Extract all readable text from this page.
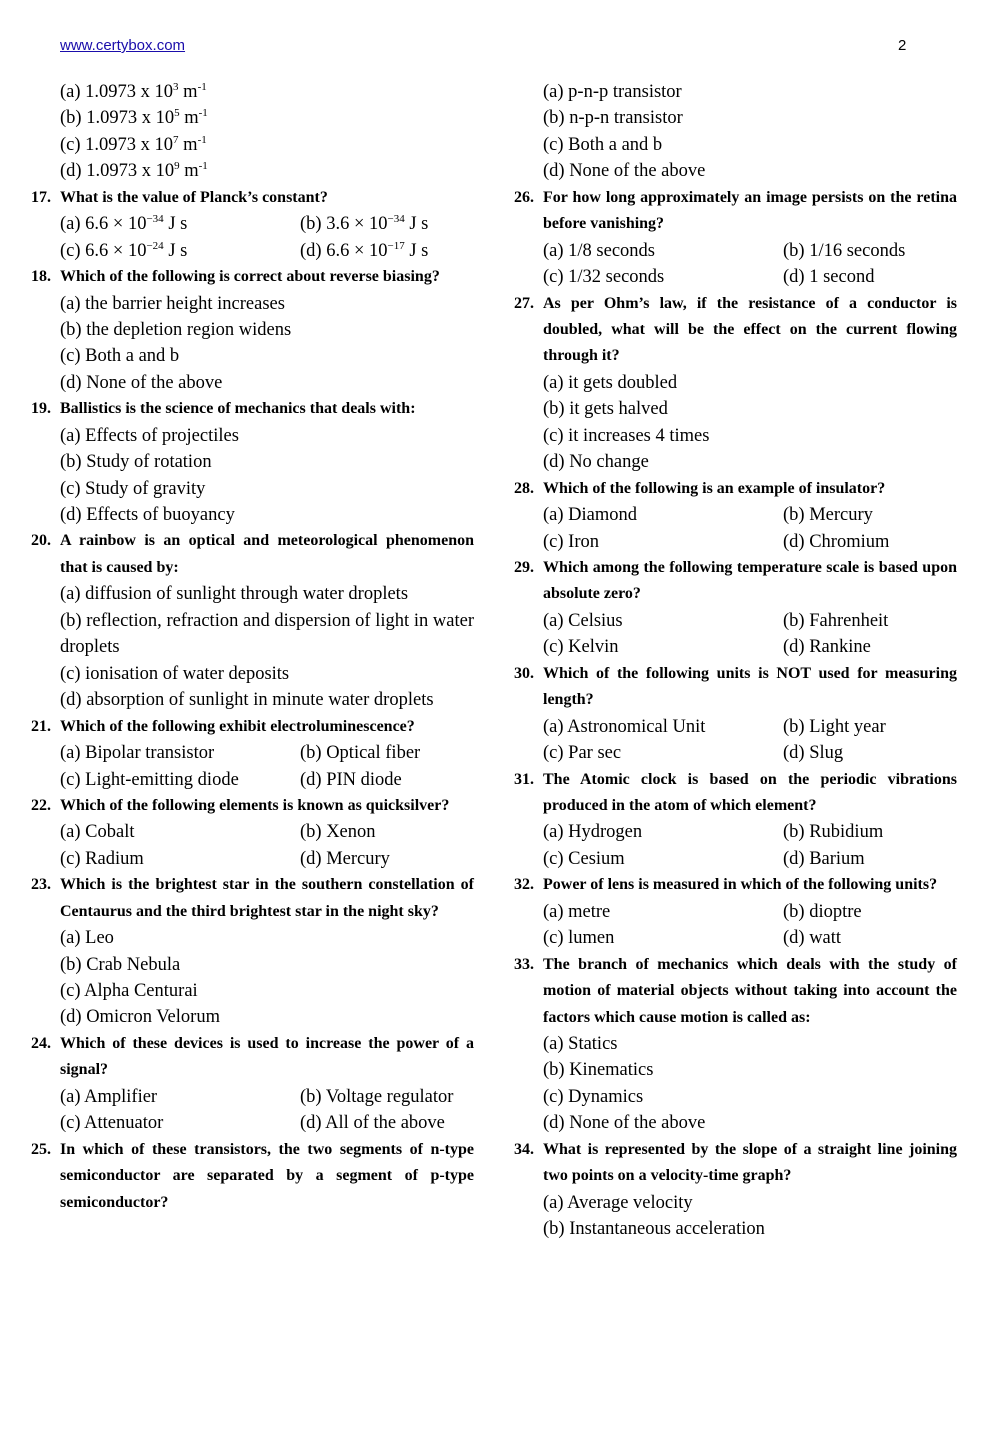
www.certybox.com	2
(a) 1.0973 x $10^3$ $m^{-1}$
(b) 1.0973 x $10^5$ $m^{-1}$
(c) 1.0973 x $10^7$ $m^{-1}$
(d) 1.0973 x $10^9$ $m^{-1}$
17. What is the value of Planck’s constant?
(a) $6.6 \times 10^{-34}$ J s	(b) $3.6 \times 10^{-34}$ J s
(c) $6.6 \times 10^{-24}$ J s	(d) $6.6 \times 10^{-17}$ J s
18. Which of the following is correct about reverse biasing?
(a) the barrier height increases
(b) the depletion region widens
(c) Both a and b
(d) None of the above
19. Ballistics is the science of mechanics that deals with:
(a) Effects of projectiles
(b) Study of rotation
(c) Study of gravity
(d) Effects of buoyancy
20. A rainbow is an optical and meteorological phenomenon that is caused by:
(a) diffusion of sunlight through water droplets
(b) reflection, refraction and dispersion of light in water droplets
(c) ionisation of water deposits
(d) absorption of sunlight in minute water droplets
21. Which of the following exhibit electroluminescence?
(a) Bipolar transistor	(b) Optical fiber
(c) Light-emitting diode	(d) PIN diode
22. Which of the following elements is known as quicksilver?
(a) Cobalt	(b) Xenon
(c) Radium	(d) Mercury
23. Which is the brightest star in the southern constellation of Centaurus and the third brightest star in the night sky?
(a) Leo
(b) Crab Nebula
(c) Alpha Centurai
(d) Omicron Velorum
24. Which of these devices is used to increase the power of a signal?
(a) Amplifier	(b) Voltage regulator
(c) Attenuator	(d) All of the above
25. In which of these transistors, the two segments of n-type semiconductor are separated by a segment of p-type semiconductor?
(a) p-n-p transistor
(b) n-p-n transistor
(c) Both a and b
(d) None of the above
26. For how long approximately an image persists on the retina before vanishing?
(a) 1/8 seconds	(b) 1/16 seconds
(c) 1/32 seconds	(d) 1 second
27. As per Ohm’s law, if the resistance of a conductor is doubled, what will be the effect on the current flowing through it?
(a) it gets doubled
(b) it gets halved
(c) it increases 4 times
(d) No change
28. Which of the following is an example of insulator?
(a) Diamond	(b) Mercury
(c) Iron	(d) Chromium
29. Which among the following temperature scale is based upon absolute zero?
(a) Celsius	(b) Fahrenheit
(c) Kelvin	(d) Rankine
30. Which of the following units is NOT used for measuring length?
(a) Astronomical Unit	(b) Light year
(c) Par sec	(d) Slug
31. The Atomic clock is based on the periodic vibrations produced in the atom of which element?
(a) Hydrogen	(b) Rubidium
(c) Cesium	(d) Barium
32. Power of lens is measured in which of the following units?
(a) metre	(b) dioptre
(c) lumen	(d) watt
33. The branch of mechanics which deals with the study of motion of material objects without taking into account the factors which cause motion is called as:
(a) Statics
(b) Kinematics
(c) Dynamics
(d) None of the above
34. What is represented by the slope of a straight line joining two points on a velocity-time graph?
(a) Average velocity
(b) Instantaneous acceleration
